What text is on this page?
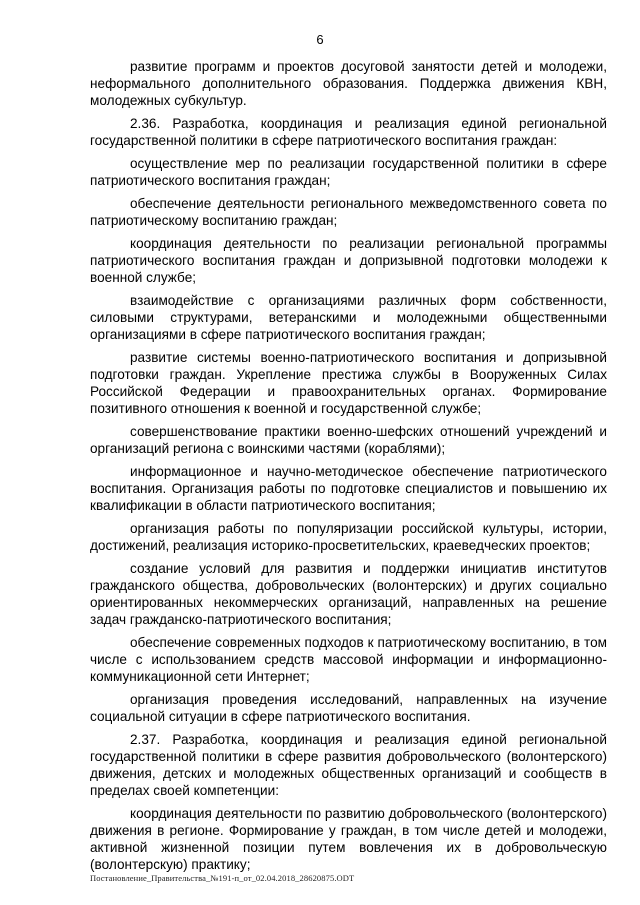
6

развитие программ и проектов досуговой занятости детей и молодежи, неформального дополнительного образования. Поддержка движения КВН, молодежных субкультур.

2.36. Разработка, координация и реализация единой региональной государственной политики в сфере патриотического воспитания граждан:

осуществление мер по реализации государственной политики в сфере патриотического воспитания граждан;

обеспечение деятельности регионального межведомственного совета по патриотическому воспитанию граждан;

координация деятельности по реализации региональной программы патриотического воспитания граждан и допризывной подготовки молодежи к военной службе;

взаимодействие с организациями различных форм собственности, силовыми структурами, ветеранскими и молодежными общественными организациями в сфере патриотического воспитания граждан;

развитие системы военно-патриотического воспитания и допризывной подготовки граждан. Укрепление престижа службы в Вооруженных Силах Российской Федерации и правоохранительных органах. Формирование позитивного отношения к военной и государственной службе;

совершенствование практики военно-шефских отношений учреждений и организаций региона с воинскими частями (кораблями);

информационное и научно-методическое обеспечение патриотического воспитания. Организация работы по подготовке специалистов и повышению их квалификации в области патриотического воспитания;

организация работы по популяризации российской культуры, истории, достижений, реализация историко-просветительских, краеведческих проектов;

создание условий для развития и поддержки инициатив институтов гражданского общества, добровольческих (волонтерских) и других социально ориентированных некоммерческих организаций, направленных на решение задач гражданско-патриотического воспитания;

обеспечение современных подходов к патриотическому воспитанию, в том числе с использованием средств массовой информации и информационно-коммуникационной сети Интернет;

организация проведения исследований, направленных на изучение социальной ситуации в сфере патриотического воспитания.

2.37. Разработка, координация и реализация единой региональной государственной политики в сфере развития добровольческого (волонтерского) движения, детских и молодежных общественных организаций и сообществ в пределах своей компетенции:

координация деятельности по развитию добровольческого (волонтерского) движения в регионе. Формирование у граждан, в том числе детей и молодежи, активной жизненной позиции путем вовлечения их в добровольческую (волонтерскую) практику;

Постановление_Правительства_№191-п_от_02.04.2018_28620875.ODT
